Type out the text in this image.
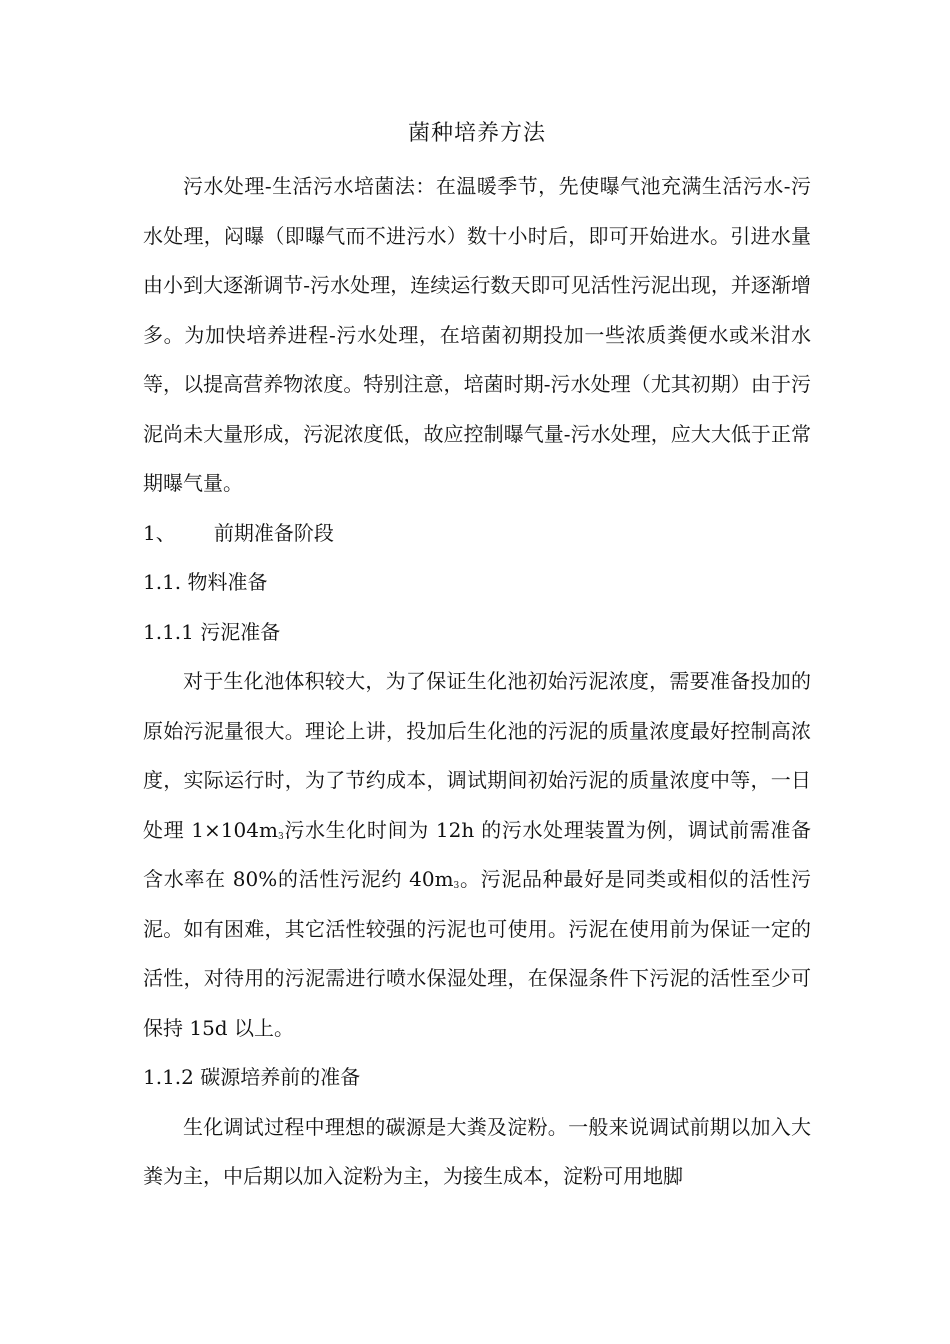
菌种培养方法

污水处理-生活污水培菌法：在温暖季节，先使曝气池充满生活污水-污水处理，闷曝（即曝气而不进污水）数十小时后，即可开始进水。引进水量由小到大逐渐调节-污水处理，连续运行数天即可见活性污泥出现，并逐渐增多。为加快培养进程-污水处理，在培菌初期投加一些浓质粪便水或米泔水等，以提高营养物浓度。特别注意，培菌时期-污水处理（尤其初期）由于污泥尚未大量形成，污泥浓度低，故应控制曝气量-污水处理，应大大低于正常期曝气量。

1、 前期准备阶段

1.1. 物料准备

1.1.1 污泥准备

对于生化池体积较大，为了保证生化池初始污泥浓度，需要准备投加的原始污泥量很大。理论上讲，投加后生化池的污泥的质量浓度最好控制高浓度，实际运行时，为了节约成本，调试期间初始污泥的质量浓度中等，一日处理 $1\times 104m_3$污水生化时间为 12h 的污水处理装置为例，调试前需准备含水率在 80%的活性污泥约 $40m_3$。污泥品种最好是同类或相似的活性污泥。如有困难，其它活性较强的污泥也可使用。污泥在使用前为保证一定的活性，对待用的污泥需进行喷水保湿处理，在保湿条件下污泥的活性至少可保持 15d 以上。

1.1.2 碳源培养前的准备

生化调试过程中理想的碳源是大粪及淀粉。一般来说调试前期以加入大粪为主，中后期以加入淀粉为主，为接生成本，淀粉可用地脚
